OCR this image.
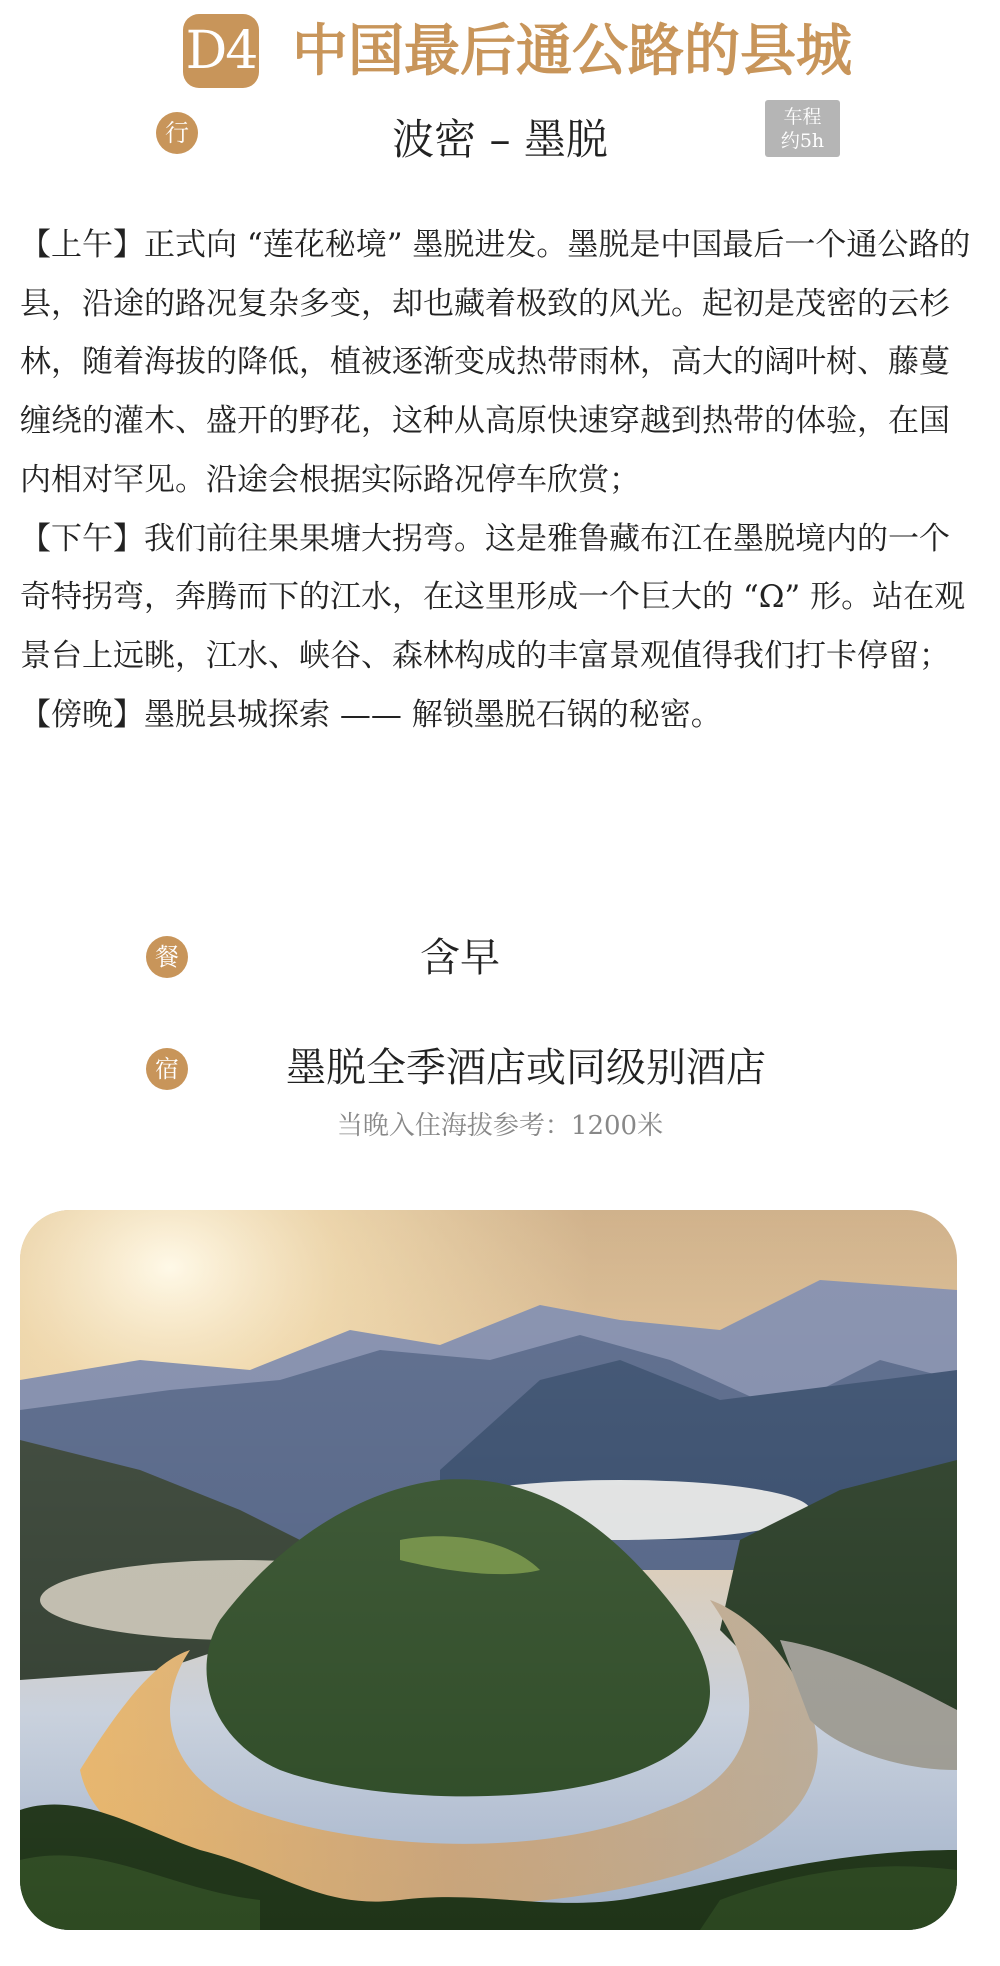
D4 中国最后通公路的县城
行	波密 – 墨脱	车程
约5h

【上午】正式向 “莲花秘境” 墨脱进发。墨脱是中国最后一个通公路的县，沿途的路况复杂多变，却也藏着极致的风光。起初是茂密的云杉林，随着海拔的降低，植被逐渐变成热带雨林，高大的阔叶树、藤蔓缠绕的灌木、盛开的野花，这种从高原快速穿越到热带的体验，在国内相对罕见。沿途会根据实际路况停车欣赏；

【下午】我们前往果果塘大拐弯。这是雅鲁藏布江在墨脱境内的一个奇特拐弯，奔腾而下的江水，在这里形成一个巨大的 “Ω” 形。站在观景台上远眺，江水、峡谷、森林构成的丰富景观值得我们打卡停留；

【傍晚】墨脱县城探索 —— 解锁墨脱石锅的秘密。

餐	含早
宿	墨脱全季酒店或同级别酒店
当晚入住海拔参考：1200米
